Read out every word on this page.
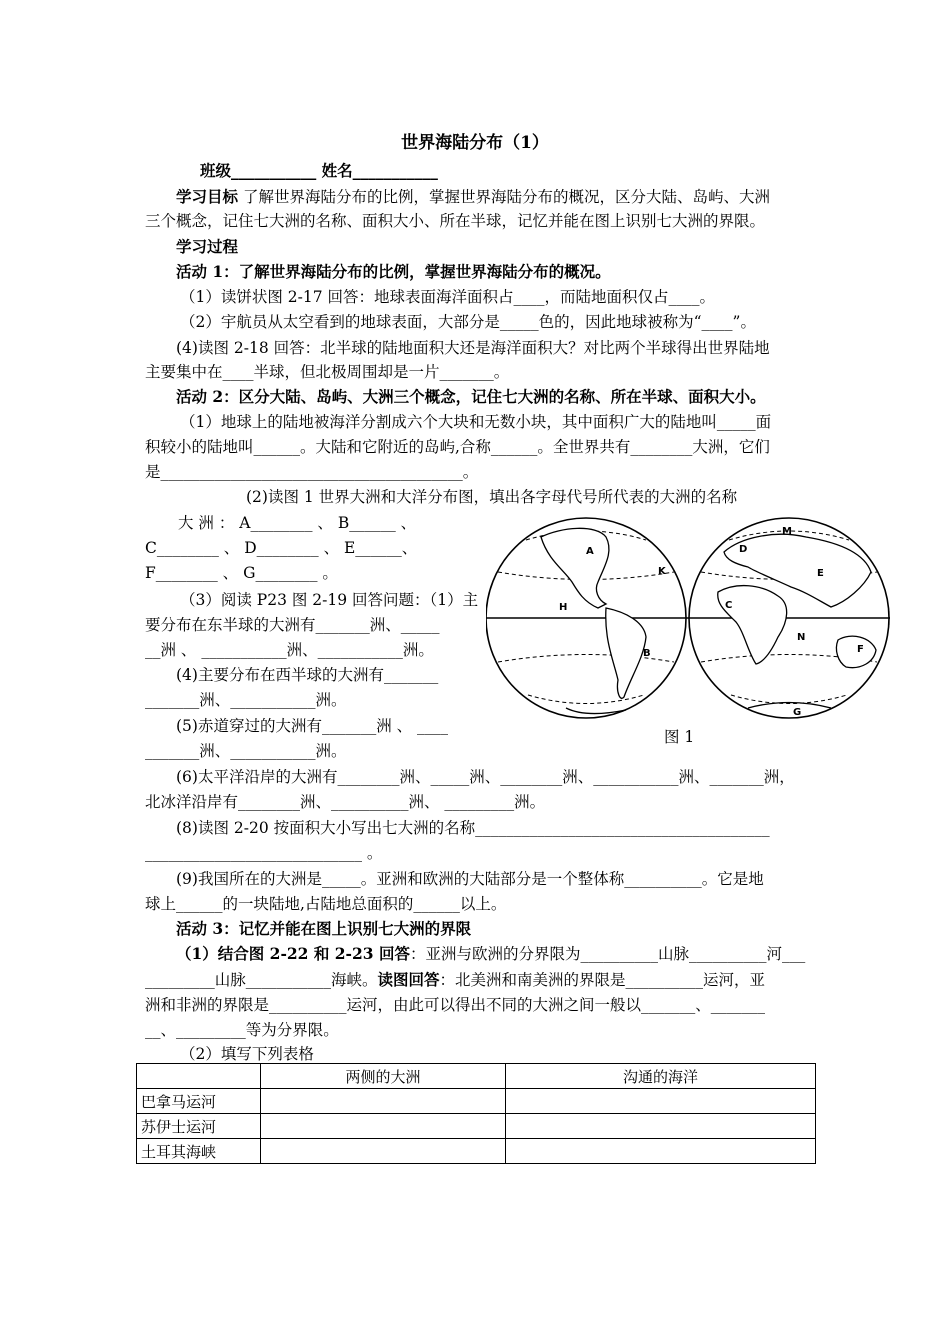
世界海陆分布（1）
班级___________ 姓名___________
学习目标 了解世界海陆分布的比例，掌握世界海陆分布的概况，区分大陆、岛屿、大洲
三个概念，记住七大洲的名称、面积大小、所在半球，记忆并能在图上识别七大洲的界限。
学习过程
活动 1：了解世界海陆分布的比例，掌握世界海陆分布的概况。
（1）读饼状图 2-17 回答：地球表面海洋面积占____，而陆地面积仅占____。
（2）宇航员从太空看到的地球表面，大部分是_____色的，因此地球被称为“____”。
(4)读图 2-18 回答：北半球的陆地面积大还是海洋面积大？对比两个半球得出世界陆地
主要集中在____半球，但北极周围却是一片_______。
活动 2：区分大陆、岛屿、大洲三个概念，记住七大洲的名称、所在半球、面积大小。
（1）地球上的陆地被海洋分割成六个大块和无数小块，其中面积广大的陆地叫_____面
积较小的陆地叫______。大陆和它附近的岛屿,合称______。全世界共有________大洲，它们
是_______________________________________。
(2)读图 1 世界大洲和大洋分布图，填出各字母代号所代表的大洲的名称
大 洲 ： A________ 、 B______ 、
C________ 、 D________ 、 E______、
F________ 、 G________ 。
（3）阅读 P23 图 2-19 回答问题：（1）主
要分布在东半球的大洲有_______洲、_____
__洲 、 ___________洲、___________洲。
(4)主要分布在西半球的大洲有_______
_______洲、___________洲。
(5)赤道穿过的大洲有_______洲 、 ____
_______洲、___________洲。
A
K
H
B
M
D
E
C
N
F
G
图 1
(6)太平洋沿岸的大洲有________洲、_____洲、________洲、___________洲、_______洲，
北冰洋沿岸有________洲、__________洲、 _________洲。
(8)读图 2-20 按面积大小写出七大洲的名称______________________________________
____________________________ 。
(9)我国所在的大洲是_____。亚洲和欧洲的大陆部分是一个整体称__________。它是地
球上______的一块陆地,占陆地总面积的______以上。
活动 3：记忆并能在图上识别七大洲的界限
（1）结合图 2-22 和 2-23 回答：亚洲与欧洲的分界限为__________山脉__________河___
_________山脉___________海峡。读图回答：北美洲和南美洲的界限是__________运河，亚
洲和非洲的界限是__________运河，由此可以得出不同的大洲之间一般以_______、_______
__、_________等为分界限。
（2）填写下列表格
	两侧的大洲	沟通的海洋
巴拿马运河		
苏伊士运河		
土耳其海峡		
